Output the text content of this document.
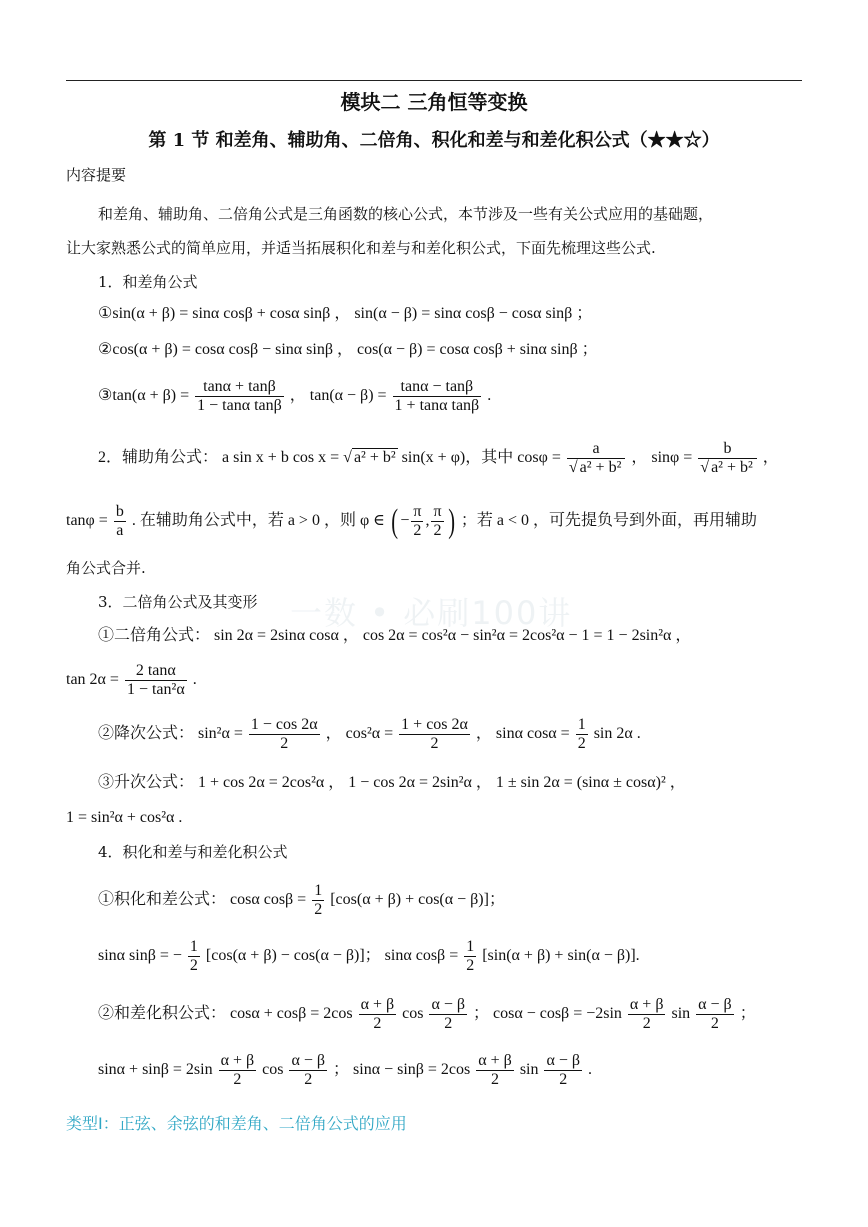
一数 • 必刷100讲
模块二 三角恒等变换
第 1 节 和差角、辅助角、二倍角、积化和差与和差化积公式（★★☆）
内容提要
和差角、辅助角、二倍角公式是三角函数的核心公式，本节涉及一些有关公式应用的基础题，
让大家熟悉公式的简单应用，并适当拓展积化和差与和差化积公式，下面先梳理这些公式.
1．和差角公式
①sin(α + β) = sinα cosβ + cosα sinβ ， sin(α − β) = sinα cosβ − cosα sinβ ；
②cos(α + β) = cosα cosβ − sinα sinβ ， cos(α − β) = cosα cosβ + sinα sinβ ；
③tan(α + $\beta) = \frac{\tan\alpha + \tan\beta}{\text{1 − tanα tanβ}}$ ， $\tan(\alpha - \beta) = \frac{\tan\alpha - \tan\beta}{\text{1 + tanα tanβ}}$ .
2．辅助角公式： a sin x + b cos x = √ a² + b² sin(x + φ)，其中 $\cos\varphi = \frac{a}{\text{√ a² + b²}}$ ， $\sin\varphi = \frac{b}{\text{√ a² + b²}}$ ，
$\tan\varphi = \frac{b}{a}$ . 在辅助角公式中，若 a > 0 ，则 φ ∈ ( − $\frac{\pi}{2}$ , $\frac{\pi}{2}$ ) ；若 a < 0 ，可先提负号到外面，再用辅助
角公式合并.
3．二倍角公式及其变形
①二倍角公式： sin 2α = 2sinα cosα ， cos 2α = cos²α − sin²α = 2cos²α − 1 = 1 − 2sin²α ，
$\tan 2\alpha = \frac{2 \tan\alpha}{\text{1 − tan²α}}$ .
②降次公式： $\sin^2\alpha = \frac{1 - \cos 2\alpha}{2}$ ， $\cos^2\alpha = \frac{1 + \cos 2\alpha}{2}$ ， sinα $\cos\alpha = \frac{1}{2}$ sin 2α .
③升次公式： 1 + cos 2α = 2cos²α ， 1 − cos 2α = 2sin²α ， 1 ± sin 2α = (sinα ± cosα)² ，
1 = sin²α + cos²α .
4．积化和差与和差化积公式
①积化和差公式： cosα $\cos\beta = \frac{1}{2} [\cos(\alpha + \beta) + \cos(\alpha - \beta)]$；
sinα sinβ = − $\frac{1}{2} [\cos(\alpha + \beta) - \cos(\alpha - \beta)]$； sinα $\cos\beta = \frac{1}{2} [\sin(\alpha + \beta) + \sin(\alpha - \beta)]$.
②和差化积公式： $\cos\alpha + \cos\beta = 2\cos \frac{\alpha + \beta}{2}$ $\cos \frac{\alpha - \beta}{2}$ ； $\cos\alpha - \cos\beta = -2\sin \frac{\alpha + \beta}{2}$ $\sin \frac{\alpha - \beta}{2}$ ；
$\sin\alpha + \sin\beta = 2\sin \frac{\alpha + \beta}{2}$ $\cos \frac{\alpha - \beta}{2}$ ； $\sin\alpha - \sin\beta = 2\cos \frac{\alpha + \beta}{2}$ $\sin \frac{\alpha - \beta}{2}$ .
类型Ⅰ：正弦、余弦的和差角、二倍角公式的应用
